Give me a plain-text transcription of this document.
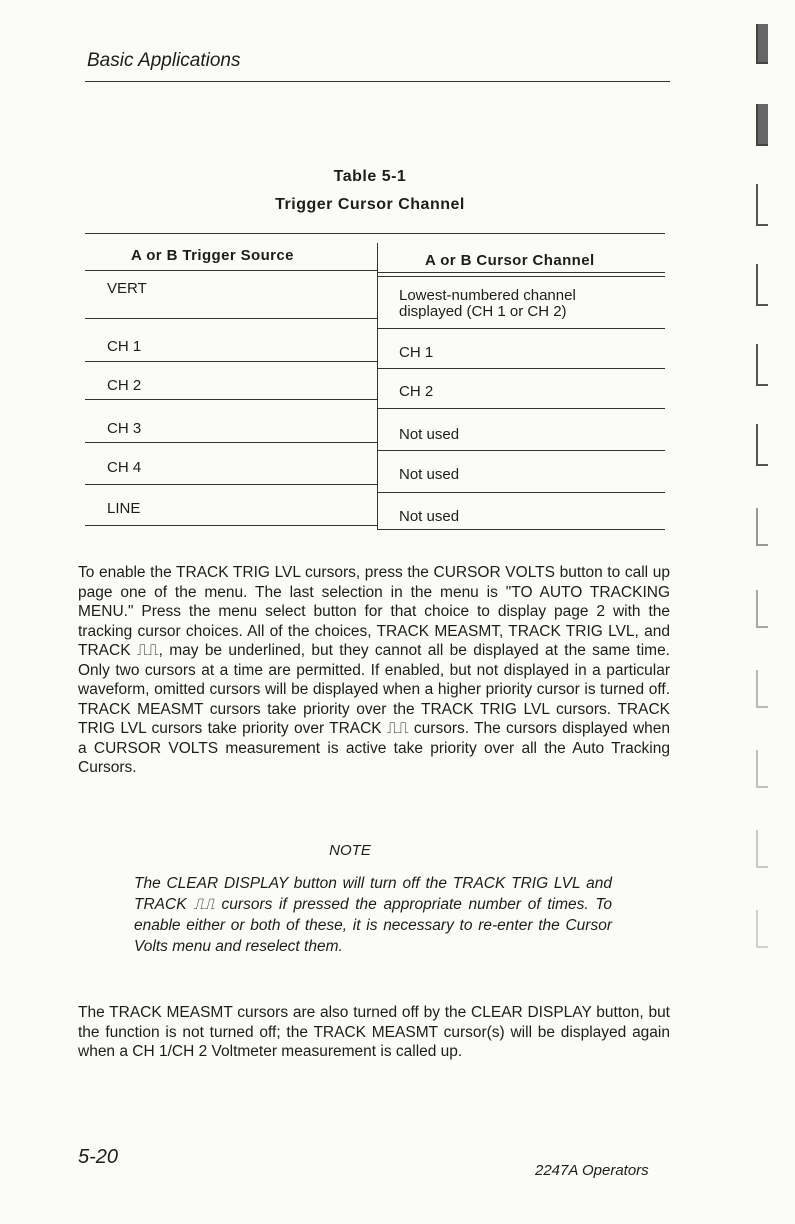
Basic Applications
Table 5-1
Trigger Cursor Channel
A or B Trigger Source	A or B Cursor Channel
VERT	Lowest-numbered channel
displayed (CH 1 or CH 2)
CH 1	CH 1
CH 2	CH 2
CH 3	Not used
CH 4	Not used
LINE	Not used
To enable the TRACK TRIG LVL cursors, press the CURSOR VOLTS button to call up page one of the menu. The last selection in the menu is "TO AUTO TRACKING MENU." Press the menu select button for that choice to display page 2 with the tracking cursor choices. All of the choices, TRACK MEASMT, TRACK TRIG LVL, and TRACK ⎍⎍, may be underlined, but they cannot all be displayed at the same time. Only two cursors at a time are permitted. If enabled, but not displayed in a particular waveform, omitted cursors will be displayed when a higher priority cursor is turned off. TRACK MEASMT cursors take priority over the TRACK TRIG LVL cursors. TRACK TRIG LVL cursors take priority over TRACK ⎍⎍ cursors. The cursors displayed when a CURSOR VOLTS measurement is active take priority over all the Auto Tracking Cursors.
NOTE
The CLEAR DISPLAY button will turn off the TRACK TRIG LVL and TRACK ⎍⎍ cursors if pressed the appropriate number of times. To enable either or both of these, it is necessary to re-enter the Cursor Volts menu and reselect them.
The TRACK MEASMT cursors are also turned off by the CLEAR DISPLAY button, but the function is not turned off; the TRACK MEASMT cursor(s) will be displayed again when a CH 1/CH 2 Voltmeter measurement is called up.
5-20
2247A Operators
